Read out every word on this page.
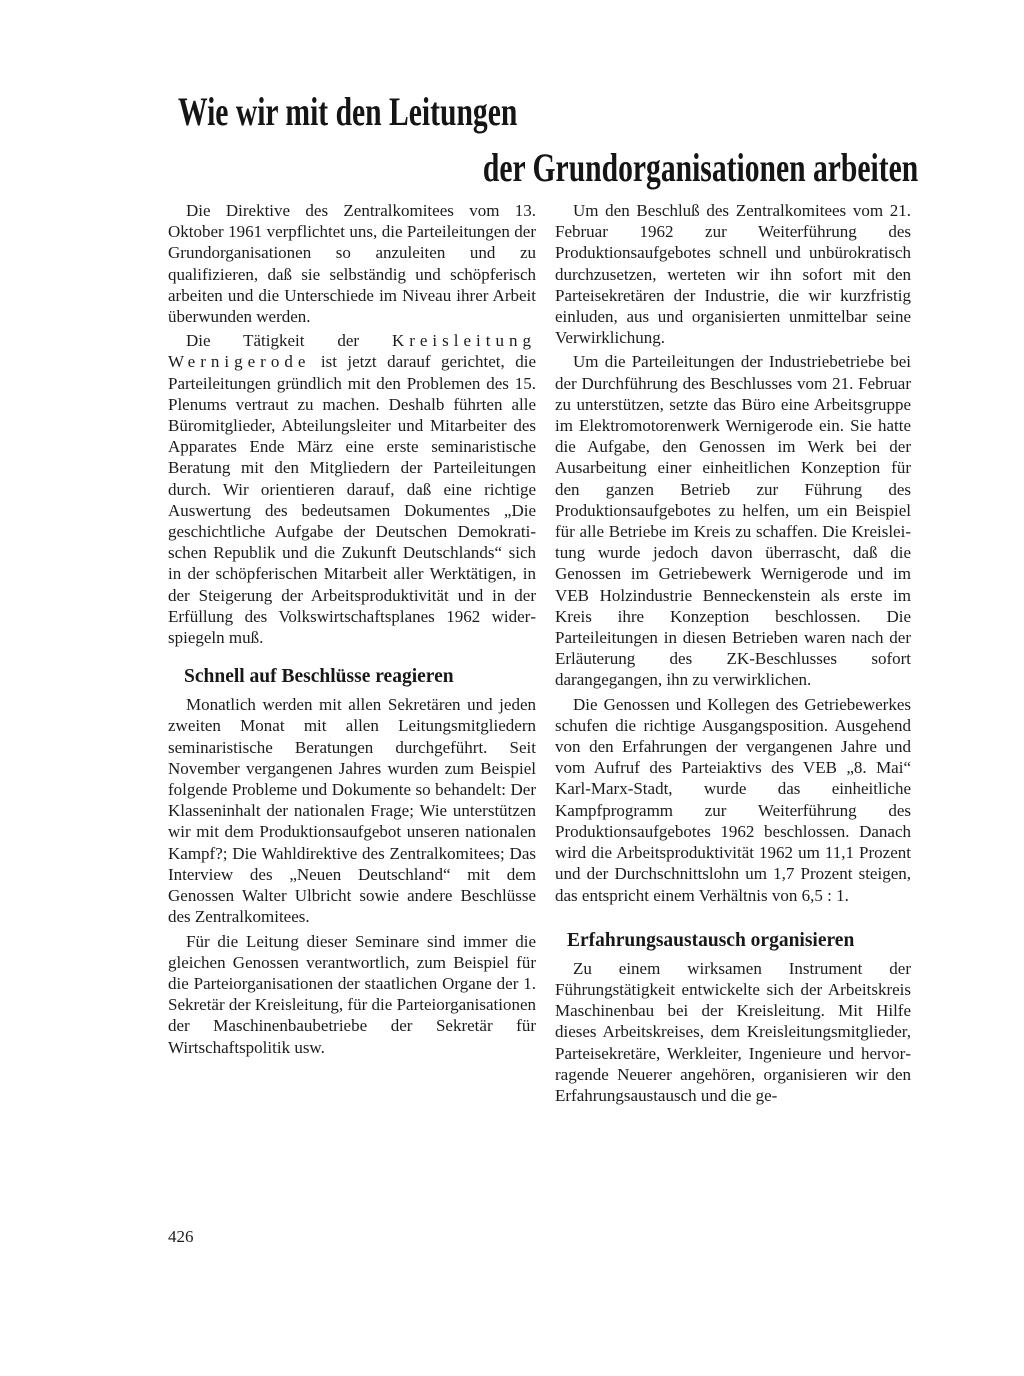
Wie wir mit den Leitungen
der Grundorganisationen arbeiten

Die Direktive des Zentralkomitees vom 13. Oktober 1961 verpflichtet uns, die Parteileitungen der Grundorganisationen so anzuleiten und zu qualifizieren, daß sie selbständig und schöpferisch arbeiten und die Unterschiede im Niveau ihrer Arbeit überwunden werden.

Die Tätigkeit der Kreisleitung Wernigerode ist jetzt darauf gerichtet, die Parteileitungen gründlich mit den Problemen des 15. Plenums vertraut zu machen. Deshalb führten alle Büromitglieder, Abteilungsleiter und Mitarbeiter des Apparates Ende März eine erste seminaristische Beratung mit den Mitgliedern der Parteileitungen durch. Wir orientieren darauf, daß eine richtige Auswertung des bedeutsamen Dokumentes „Die geschichtliche Aufgabe der Deutschen Demokratischen Republik und die Zukunft Deutschlands“ sich in der schöpferischen Mitarbeit aller Werktätigen, in der Steigerung der Arbeitsproduktivität und in der Erfüllung des Volkswirtschaftsplanes 1962 widerspiegeln muß.

Schnell auf Beschlüsse reagieren

Monatlich werden mit allen Sekretären und jeden zweiten Monat mit allen Leitungsmitgliedern seminaristische Beratungen durchgeführt. Seit November vergangenen Jahres wurden zum Beispiel folgende Probleme und Dokumente so behandelt: Der Klasseninhalt der nationalen Frage; Wie unterstützen wir mit dem Produktionsaufgebot unseren nationalen Kampf?; Die Wahldirektive des Zentralkomitees; Das Interview des „Neuen Deutschland“ mit dem Genossen Walter Ulbricht sowie andere Beschlüsse des Zentralkomitees.

Für die Leitung dieser Seminare sind immer die gleichen Genossen verantwortlich, zum Beispiel für die Parteiorganisationen der staatlichen Organe der 1. Sekretär der Kreisleitung, für die Parteiorganisationen der Maschinenbaubetriebe der Sekretär für Wirtschaftspolitik usw.

Um den Beschluß des Zentralkomitees vom 21. Februar 1962 zur Weiterführung des Produktionsaufgebotes schnell und unbürokratisch durchzusetzen, werteten wir ihn sofort mit den Parteisekretären der Industrie, die wir kurzfristig einluden, aus und organisierten unmittelbar seine Verwirklichung.

Um die Parteileitungen der Industriebetriebe bei der Durchführung des Beschlusses vom 21. Februar zu unterstützen, setzte das Büro eine Arbeitsgruppe im Elektromotorenwerk Wernigerode ein. Sie hatte die Aufgabe, den Genossen im Werk bei der Ausarbeitung einer einheitlichen Konzeption für den ganzen Betrieb zur Führung des Produktionsaufgebotes zu helfen, um ein Beispiel für alle Betriebe im Kreis zu schaffen. Die Kreisleitung wurde jedoch davon überrascht, daß die Genossen im Getriebewerk Wernigerode und im VEB Holzindustrie Benneckenstein als erste im Kreis ihre Konzeption beschlossen. Die Parteileitungen in diesen Betrieben waren nach der Erläuterung des ZK-Beschlusses sofort darangegangen, ihn zu verwirklichen.

Die Genossen und Kollegen des Getriebewerkes schufen die richtige Ausgangsposition. Ausgehend von den Erfahrungen der vergangenen Jahre und vom Aufruf des Parteiaktivs des VEB „8. Mai“ Karl-Marx-Stadt, wurde das einheitliche Kampfprogramm zur Weiterführung des Produktionsaufgebotes 1962 beschlossen. Danach wird die Arbeitsproduktivität 1962 um 11,1 Prozent und der Durchschnittslohn um 1,7 Prozent steigen, das entspricht einem Verhältnis von 6,5 : 1.

Erfahrungsaustausch organisieren

Zu einem wirksamen Instrument der Führungstätigkeit entwickelte sich der Arbeitskreis Maschinenbau bei der Kreisleitung. Mit Hilfe dieses Arbeitskreises, dem Kreisleitungsmitglieder, Parteisekretäre, Werkleiter, Ingenieure und hervorragende Neuerer angehören, organisieren wir den Erfahrungsaustausch und die ge-

426
